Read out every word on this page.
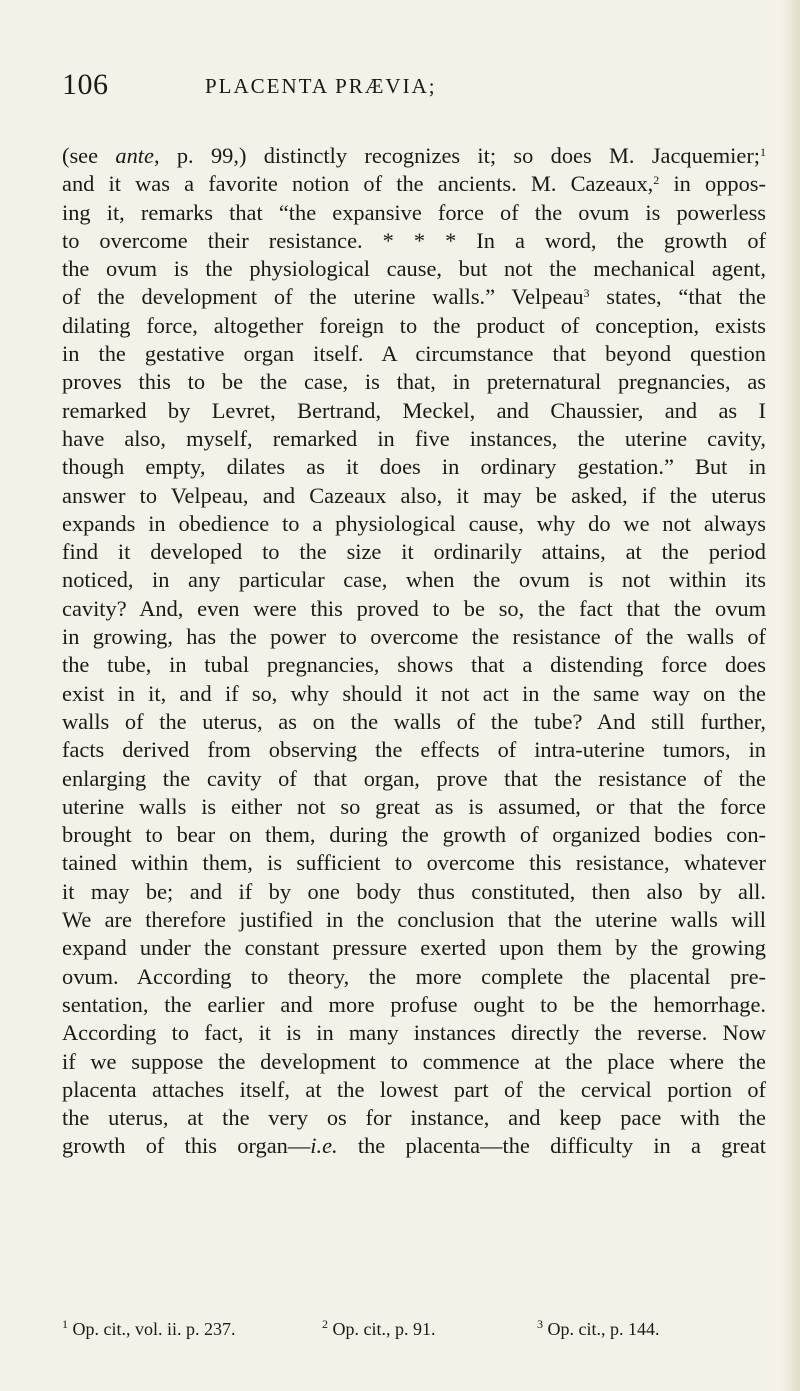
106	PLACENTA PRÆVIA;
(see ante, p. 99,) distinctly recognizes it; so does M. Jacquemier;$^1$
and it was a favorite notion of the ancients. M. Cazeaux,$^2$ in oppos-
ing it, remarks that “the expansive force of the ovum is powerless
to overcome their resistance. * * * In a word, the growth of
the ovum is the physiological cause, but not the mechanical agent,
of the development of the uterine walls.” Velpeau$^3$ states, “that the
dilating force, altogether foreign to the product of conception, exists
in the gestative organ itself. A circumstance that beyond question
proves this to be the case, is that, in preternatural pregnancies, as
remarked by Levret, Bertrand, Meckel, and Chaussier, and as I
have also, myself, remarked in five instances, the uterine cavity,
though empty, dilates as it does in ordinary gestation.” But in
answer to Velpeau, and Cazeaux also, it may be asked, if the uterus
expands in obedience to a physiological cause, why do we not always
find it developed to the size it ordinarily attains, at the period
noticed, in any particular case, when the ovum is not within its
cavity? And, even were this proved to be so, the fact that the ovum
in growing, has the power to overcome the resistance of the walls of
the tube, in tubal pregnancies, shows that a distending force does
exist in it, and if so, why should it not act in the same way on the
walls of the uterus, as on the walls of the tube? And still further,
facts derived from observing the effects of intra-uterine tumors, in
enlarging the cavity of that organ, prove that the resistance of the
uterine walls is either not so great as is assumed, or that the force
brought to bear on them, during the growth of organized bodies con-
tained within them, is sufficient to overcome this resistance, whatever
it may be; and if by one body thus constituted, then also by all.
We are therefore justified in the conclusion that the uterine walls will
expand under the constant pressure exerted upon them by the growing
ovum. According to theory, the more complete the placental pre-
sentation, the earlier and more profuse ought to be the hemorrhage.
According to fact, it is in many instances directly the reverse. Now
if we suppose the development to commence at the place where the
placenta attaches itself, at the lowest part of the cervical portion of
the uterus, at the very os for instance, and keep pace with the
growth of this organ—i.e. the placenta—the difficulty in a great
$^1$ Op. cit., vol. ii. p. 237.	$^2$ Op. cit., p. 91.	$^3$ Op. cit., p. 144.
